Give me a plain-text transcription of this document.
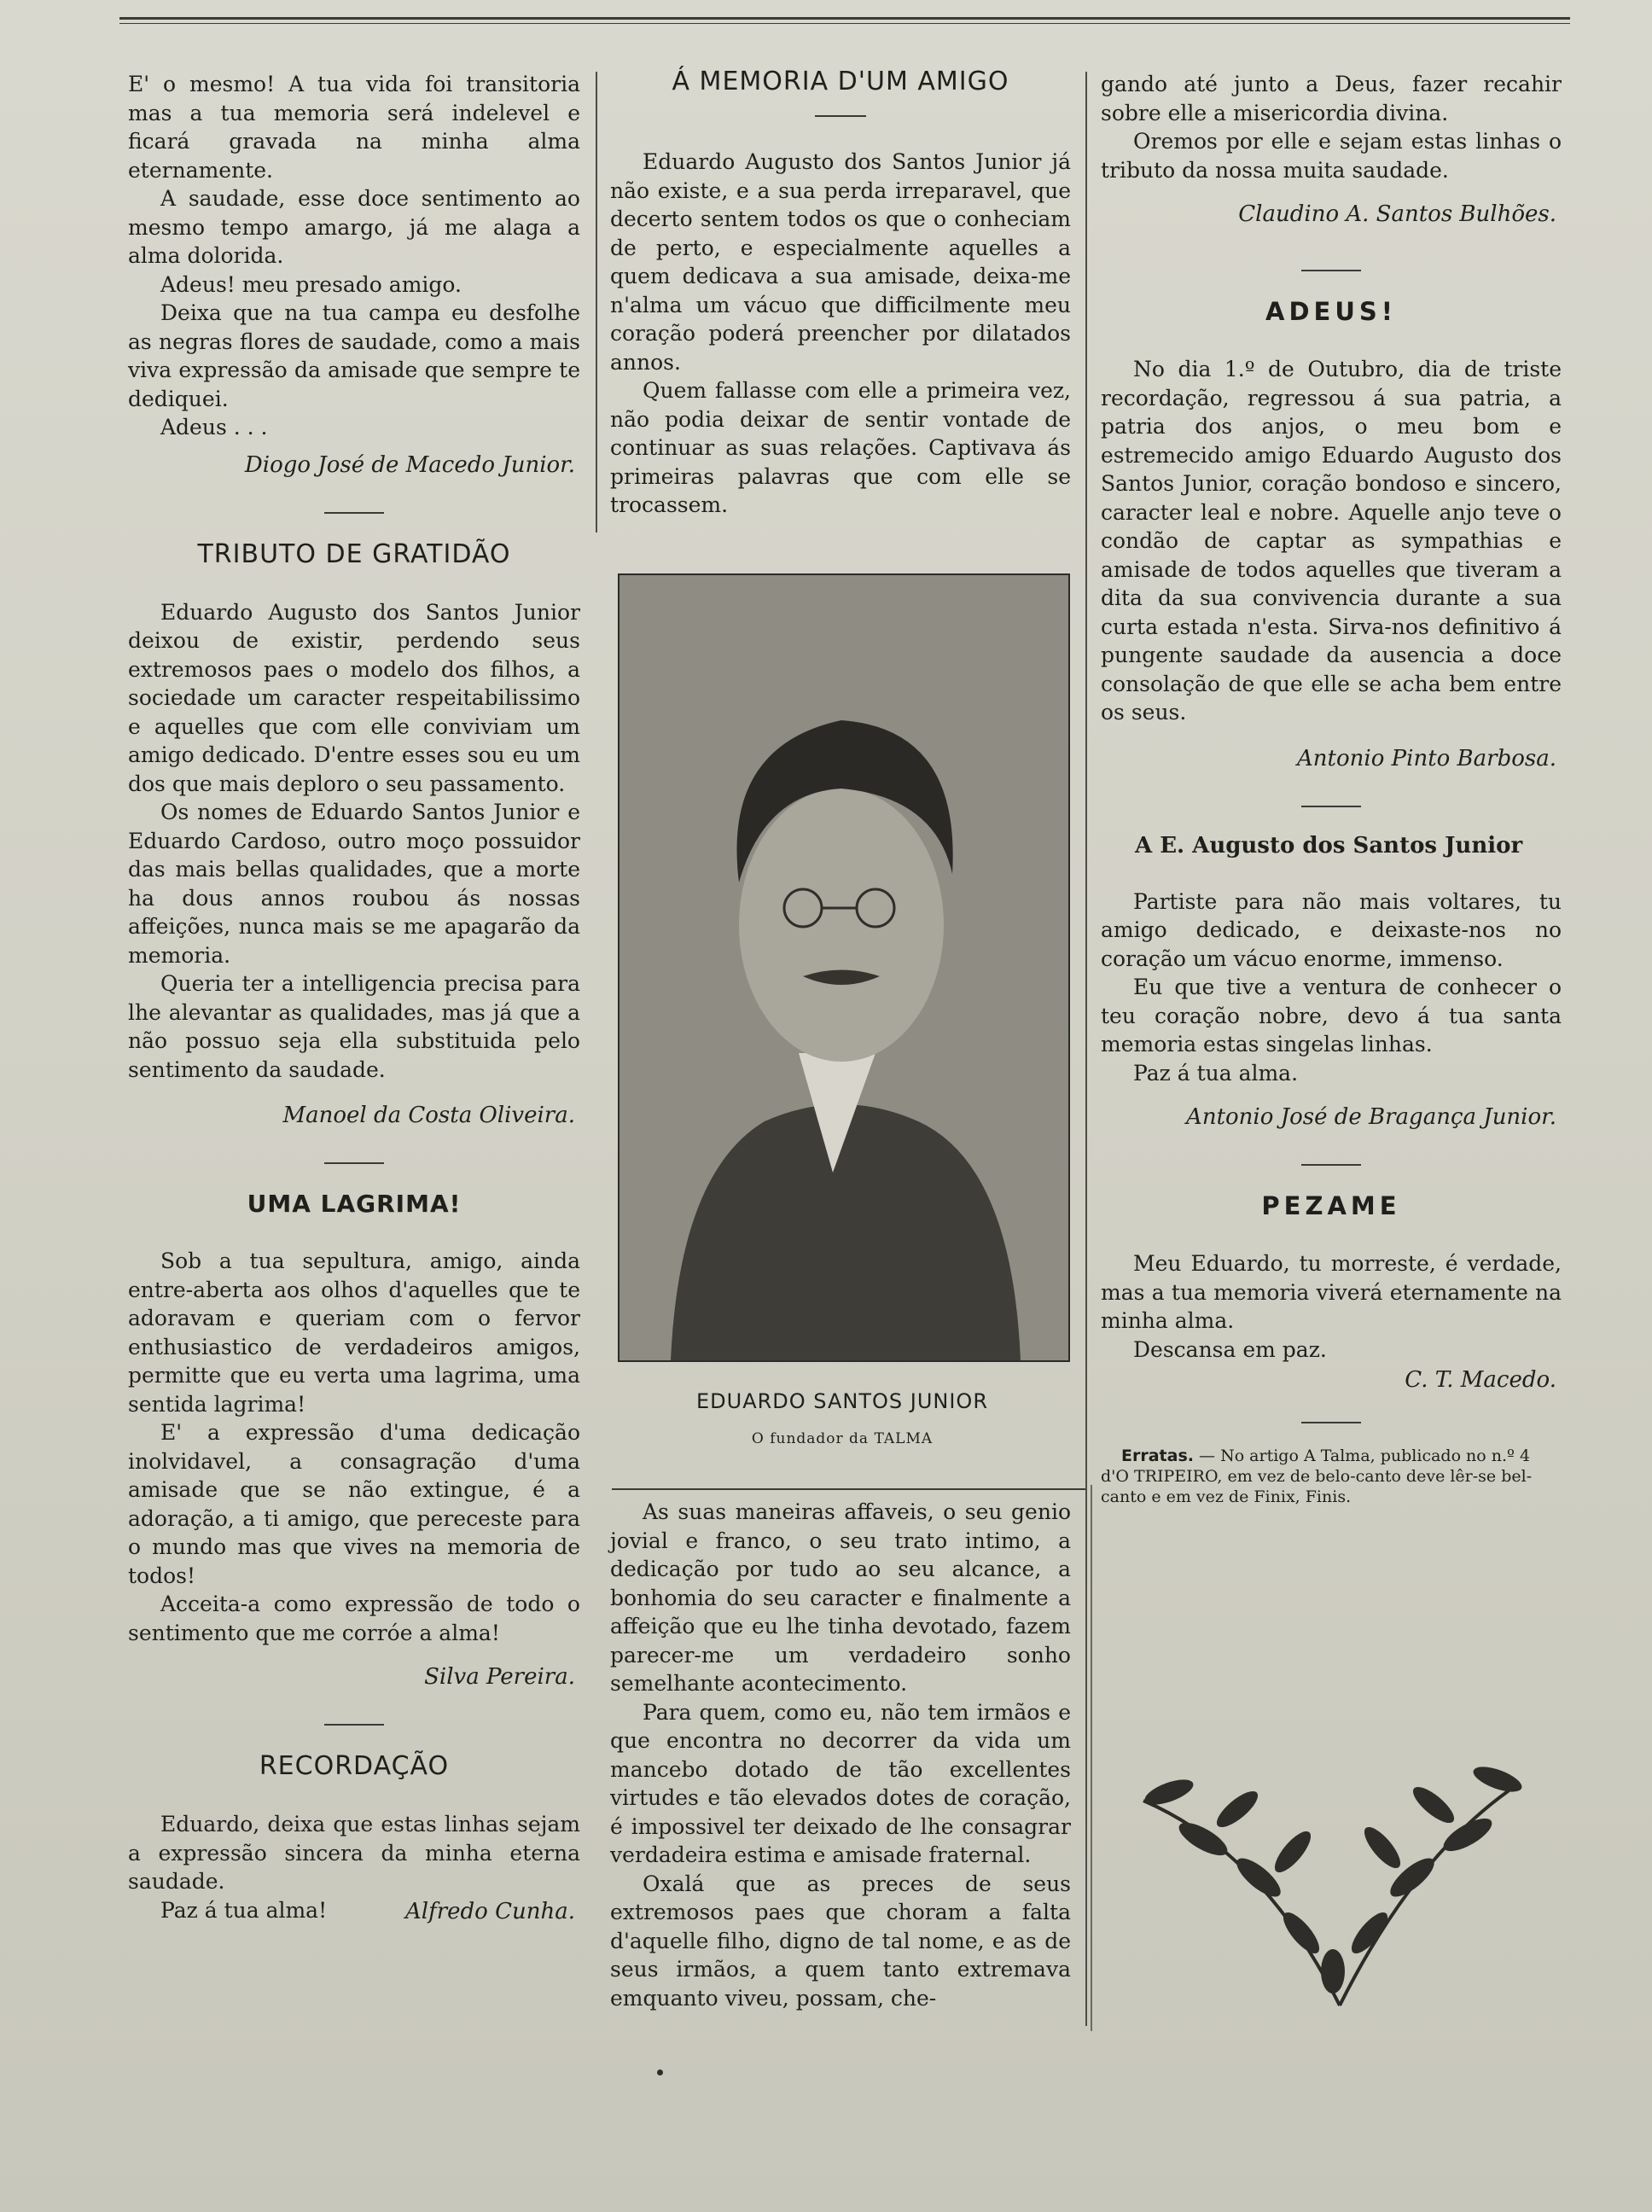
E' o mesmo! A tua vida foi transitoria mas a tua memoria será indelevel e ficará gravada na minha alma eternamente.

A saudade, esse doce sentimento ao mesmo tempo amargo, já me alaga a alma dolorida.

Adeus! meu presado amigo.

Deixa que na tua campa eu desfolhe as negras flores de saudade, como a mais viva expressão da amisade que sempre te dediquei.

Adeus . . .

Diogo José de Macedo Junior.
TRIBUTO DE GRATIDÃO

Eduardo Augusto dos Santos Junior deixou de existir, perdendo seus extremosos paes o modelo dos filhos, a sociedade um caracter respeitabilissimo e aquelles que com elle conviviam um amigo dedicado. D'entre esses sou eu um dos que mais deploro o seu passamento.

Os nomes de Eduardo Santos Junior e Eduardo Cardoso, outro moço possuidor das mais bellas qualidades, que a morte ha dous annos roubou ás nossas affeições, nunca mais se me apagarão da memoria.

Queria ter a intelligencia precisa para lhe alevantar as qualidades, mas já que a não possuo seja ella substituida pelo sentimento da saudade.

Manoel da Costa Oliveira.
UMA LAGRIMA!

Sob a tua sepultura, amigo, ainda entre-aberta aos olhos d'aquelles que te adoravam e queriam com o fervor enthusiastico de verdadeiros amigos, permitte que eu verta uma lagrima, uma sentida lagrima!

E' a expressão d'uma dedicação inolvidavel, a consagração d'uma amisade que se não extingue, é a adoração, a ti amigo, que pereceste para o mundo mas que vives na memoria de todos!

Acceita-a como expressão de todo o sentimento que me corróe a alma!

Silva Pereira.
RECORDAÇÃO

Eduardo, deixa que estas linhas sejam a expressão sincera da minha eterna saudade.

Paz á tua alma!	Alfredo Cunha.
Á MEMORIA D'UM AMIGO

Eduardo Augusto dos Santos Junior já não existe, e a sua perda irreparavel, que decerto sentem todos os que o conheciam de perto, e especialmente aquelles a quem dedicava a sua amisade, deixa-me n'alma um vácuo que difficilmente meu coração poderá preencher por dilatados annos.

Quem fallasse com elle a primeira vez, não podia deixar de sentir vontade de continuar as suas relações. Captivava ás primeiras palavras que com elle se trocassem.

EDUARDO SANTOS JUNIOR
O fundador da TALMA

As suas maneiras affaveis, o seu genio jovial e franco, o seu trato intimo, a dedicação por tudo ao seu alcance, a bonhomia do seu caracter e finalmente a affeição que eu lhe tinha devotado, fazem parecer-me um verdadeiro sonho semelhante acontecimento.

Para quem, como eu, não tem irmãos e que encontra no decorrer da vida um mancebo dotado de tão excellentes virtudes e tão elevados dotes de coração, é impossivel ter deixado de lhe consagrar verdadeira estima e amisade fraternal.

Oxalá que as preces de seus extremosos paes que choram a falta d'aquelle filho, digno de tal nome, e as de seus irmãos, a quem tanto extremava emquanto viveu, possam, che-

gando até junto a Deus, fazer recahir sobre elle a misericordia divina.

Oremos por elle e sejam estas linhas o tributo da nossa muita saudade.

Claudino A. Santos Bulhões.
ADEUS!

No dia 1.º de Outubro, dia de triste recordação, regressou á sua patria, a patria dos anjos, o meu bom e estremecido amigo Eduardo Augusto dos Santos Junior, coração bondoso e sincero, caracter leal e nobre. Aquelle anjo teve o condão de captar as sympathias e amisade de todos aquelles que tiveram a dita da sua convivencia durante a sua curta estada n'esta. Sirva-nos definitivo á pungente saudade da ausencia a doce consolação de que elle se acha bem entre os seus.

Antonio Pinto Barbosa.
A E. Augusto dos Santos Junior

Partiste para não mais voltares, tu amigo dedicado, e deixaste-nos no coração um vácuo enorme, immenso.

Eu que tive a ventura de conhecer o teu coração nobre, devo á tua santa memoria estas singelas linhas.

Paz á tua alma.

Antonio José de Bragança Junior.
PEZAME

Meu Eduardo, tu morreste, é verdade, mas a tua memoria viverá eternamente na minha alma.

Descansa em paz.

C. T. Macedo.

Erratas. — No artigo A Talma, publicado no n.º 4 d'O TRIPEIRO, em vez de belo-canto deve lêr-se bel-canto e em vez de Finix, Finis.
